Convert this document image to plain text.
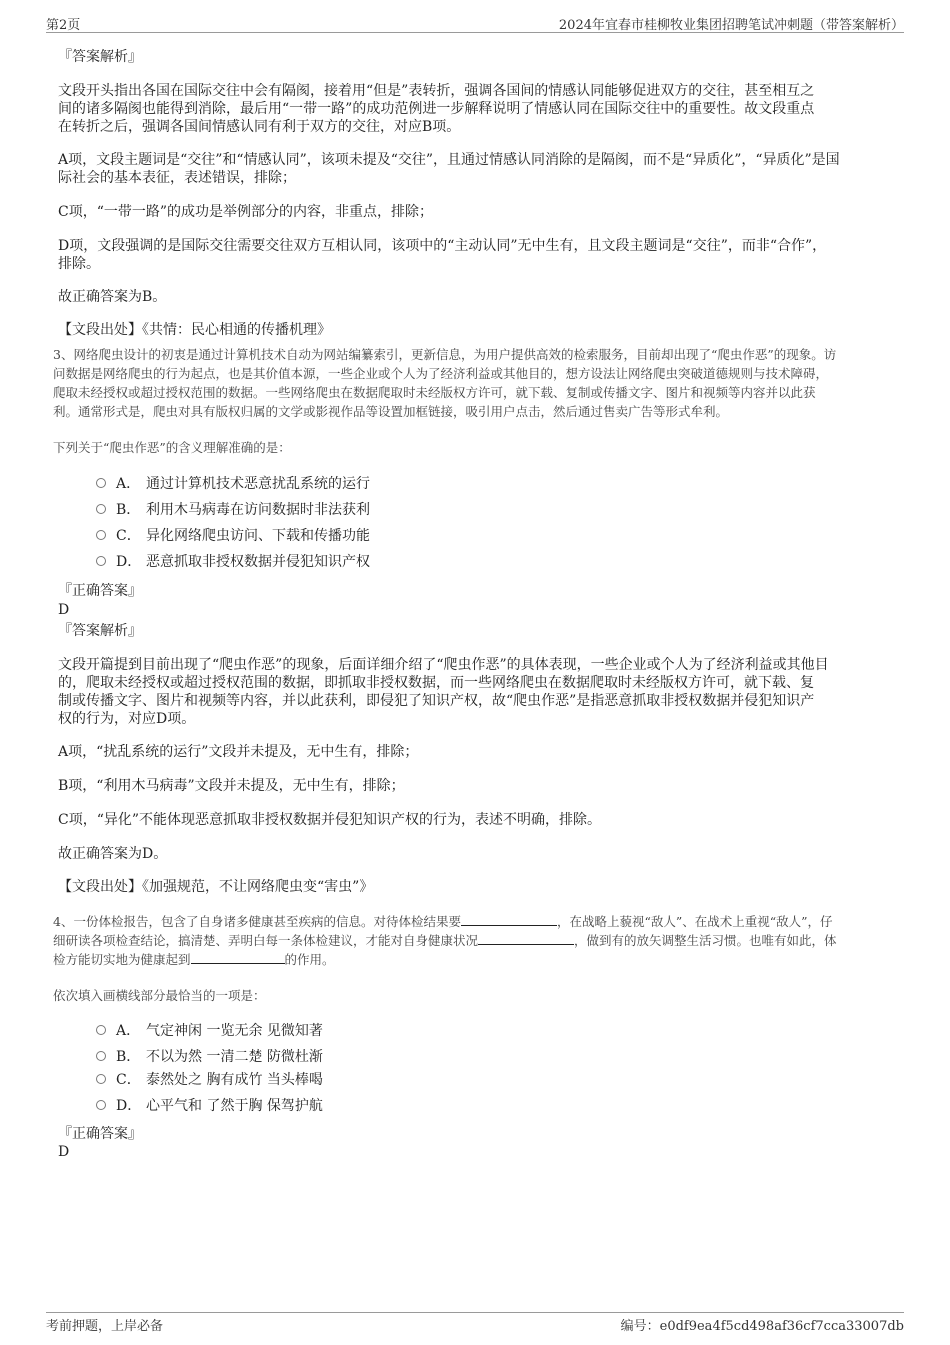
第2页	2024年宜春市桂柳牧业集团招聘笔试冲刺题（带答案解析）
『答案解析』
文段开头指出各国在国际交往中会有隔阂，接着用“但是”表转折，强调各国间的情感认同能够促进双方的交往，甚至相互之
间的诸多隔阂也能得到消除，最后用“一带一路”的成功范例进一步解释说明了情感认同在国际交往中的重要性。故文段重点
在转折之后，强调各国间情感认同有利于双方的交往，对应B项。
A项，文段主题词是“交往”和“情感认同”，该项未提及“交往”，且通过情感认同消除的是隔阂，而不是“异质化”，“异质化”是国
际社会的基本表征，表述错误，排除；
C项，“一带一路”的成功是举例部分的内容，非重点，排除；
D项，文段强调的是国际交往需要交往双方互相认同，该项中的“主动认同”无中生有，且文段主题词是“交往”，而非“合作”，
排除。
故正确答案为B。
【文段出处】《共情：民心相通的传播机理》
3、网络爬虫设计的初衷是通过计算机技术自动为网站编纂索引，更新信息，为用户提供高效的检索服务，目前却出现了“爬虫作恶”的现象。访
问数据是网络爬虫的行为起点，也是其价值本源，一些企业或个人为了经济利益或其他目的，想方设法让网络爬虫突破道德规则与技术障碍，
爬取未经授权或超过授权范围的数据。一些网络爬虫在数据爬取时未经版权方许可，就下载、复制或传播文字、图片和视频等内容并以此获
利。通常形式是，爬虫对具有版权归属的文学或影视作品等设置加框链接，吸引用户点击，然后通过售卖广告等形式牟利。
下列关于“爬虫作恶”的含义理解准确的是：
A． 通过计算机技术恶意扰乱系统的运行
B． 利用木马病毒在访问数据时非法获利
C． 异化网络爬虫访问、下载和传播功能
D． 恶意抓取非授权数据并侵犯知识产权
『正确答案』
D
『答案解析』
文段开篇提到目前出现了“爬虫作恶”的现象，后面详细介绍了“爬虫作恶”的具体表现，一些企业或个人为了经济利益或其他目
的，爬取未经授权或超过授权范围的数据，即抓取非授权数据，而一些网络爬虫在数据爬取时未经版权方许可，就下载、复
制或传播文字、图片和视频等内容，并以此获利，即侵犯了知识产权，故“爬虫作恶”是指恶意抓取非授权数据并侵犯知识产
权的行为，对应D项。
A项，“扰乱系统的运行”文段并未提及，无中生有，排除；
B项，“利用木马病毒”文段并未提及，无中生有，排除；
C项，“异化”不能体现恶意抓取非授权数据并侵犯知识产权的行为，表述不明确，排除。
故正确答案为D。
【文段出处】《加强规范，不让网络爬虫变“害虫”》
4、一份体检报告，包含了自身诸多健康甚至疾病的信息。对待体检结果要	，在战略上藐视“敌人”、在战术上重视“敌人”，仔
细研读各项检查结论，搞清楚、弄明白每一条体检建议，才能对自身健康状况	，做到有的放矢调整生活习惯。也唯有如此，体
检方能切实地为健康起到	的作用。
依次填入画横线部分最恰当的一项是：
A． 气定神闲 一览无余 见微知著
B． 不以为然 一清二楚 防微杜渐
C． 泰然处之 胸有成竹 当头棒喝
D． 心平气和 了然于胸 保驾护航
『正确答案』
D
考前押题，上岸必备	编号：e0df9ea4f5cd498af36cf7cca33007db
